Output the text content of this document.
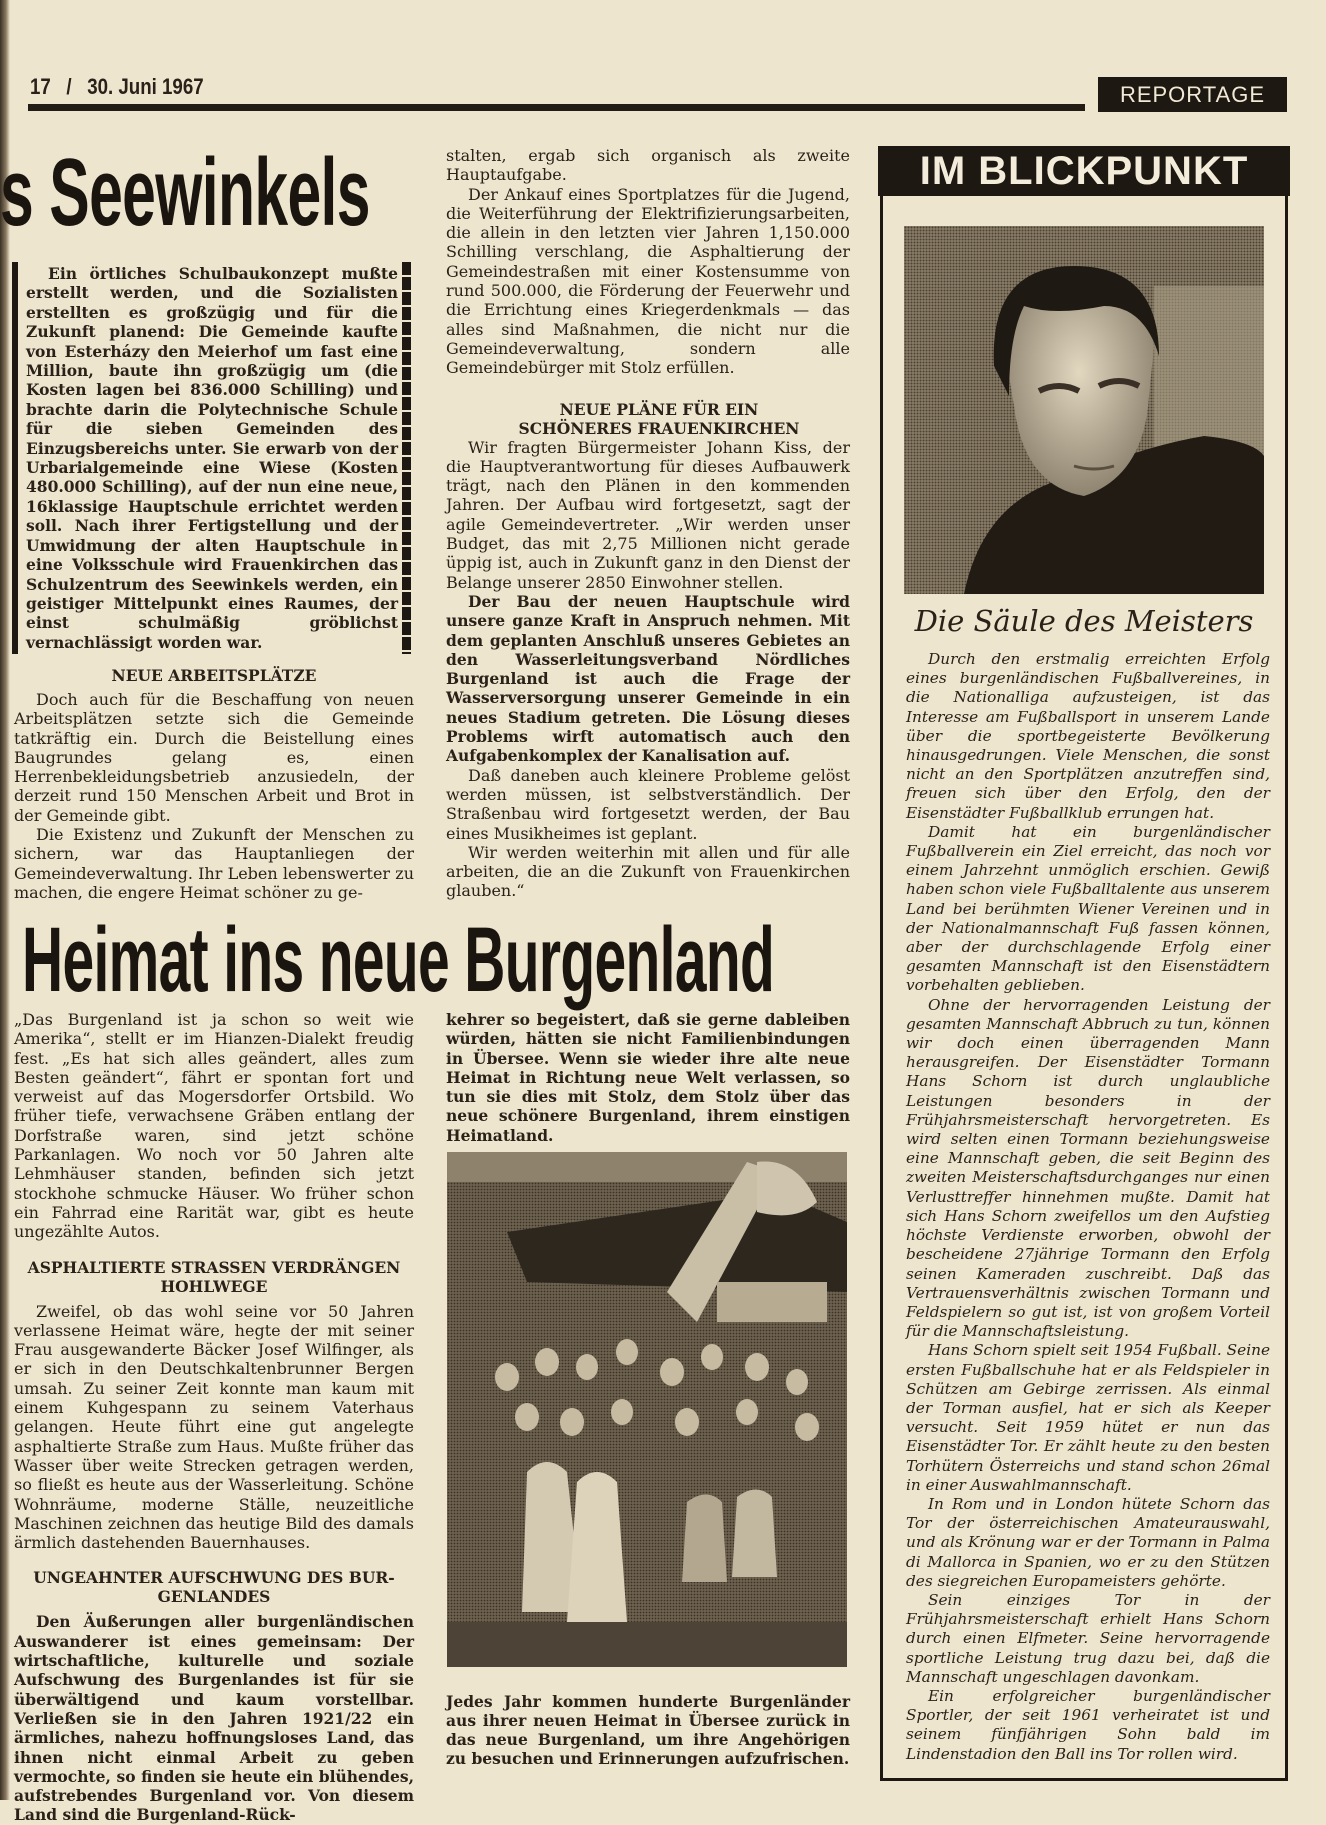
17 / 30. Juni 1967	REPORTAGE
s Seewinkels

Ein örtliches Schulbaukonzept mußte erstellt werden, und die Sozialisten erstellten es großzügig und für die Zukunft planend: Die Gemeinde kaufte von Esterházy den Meierhof um fast eine Million, baute ihn großzügig um (die Kosten lagen bei 836.000 Schilling) und brachte darin die Polytechnische Schule für die sieben Gemeinden des Einzugsbereichs unter. Sie erwarb von der Urbarialgemeinde eine Wiese (Kosten 480.000 Schilling), auf der nun eine neue, 16klassige Hauptschule errichtet werden soll. Nach ihrer Fertigstellung und der Umwidmung der alten Hauptschule in eine Volksschule wird Frauenkirchen das Schulzentrum des Seewinkels werden, ein geistiger Mittelpunkt eines Raumes, der einst schulmäßig gröblichst vernachlässigt worden war.

NEUE ARBEITSPLÄTZE

Doch auch für die Beschaffung von neuen Arbeitsplätzen setzte sich die Gemeinde tatkräftig ein. Durch die Beistellung eines Baugrundes gelang es, einen Herrenbekleidungsbetrieb anzusiedeln, der derzeit rund 150 Menschen Arbeit und Brot in der Gemeinde gibt.

Die Existenz und Zukunft der Menschen zu sichern, war das Hauptanliegen der Gemeindeverwaltung. Ihr Leben lebenswerter zu machen, die engere Heimat schöner zu ge-

stalten, ergab sich organisch als zweite Hauptaufgabe.

Der Ankauf eines Sportplatzes für die Jugend, die Weiterführung der Elektrifizierungsarbeiten, die allein in den letzten vier Jahren 1,150.000 Schilling verschlang, die Asphaltierung der Gemeindestraßen mit einer Kostensumme von rund 500.000, die Förderung der Feuerwehr und die Errichtung eines Kriegerdenkmals — das alles sind Maßnahmen, die nicht nur die Gemeindeverwaltung, sondern alle Gemeindebürger mit Stolz erfüllen.

NEUE PLÄNE FÜR EIN

SCHÖNERES FRAUENKIRCHEN

Wir fragten Bürgermeister Johann Kiss, der die Hauptverantwortung für dieses Aufbauwerk trägt, nach den Plänen in den kommenden Jahren. Der Aufbau wird fortgesetzt, sagt der agile Gemeindevertreter. „Wir werden unser Budget, das mit 2,75 Millionen nicht gerade üppig ist, auch in Zukunft ganz in den Dienst der Belange unserer 2850 Einwohner stellen.

Der Bau der neuen Hauptschule wird unsere ganze Kraft in Anspruch nehmen. Mit dem geplanten Anschluß unseres Gebietes an den Wasserleitungsverband Nördliches Burgenland ist auch die Frage der Wasserversorgung unserer Gemeinde in ein neues Stadium getreten. Die Lösung dieses Problems wirft automatisch auch den Aufgabenkomplex der Kanalisation auf.

Daß daneben auch kleinere Probleme gelöst werden müssen, ist selbstverständlich. Der Straßenbau wird fortgesetzt werden, der Bau eines Musikheimes ist geplant.

Wir werden weiterhin mit allen und für alle arbeiten, die an die Zukunft von Frauenkirchen glauben.“

Heimat ins neue Burgenland

„Das Burgenland ist ja schon so weit wie Amerika“, stellt er im Hianzen-Dialekt freudig fest. „Es hat sich alles geändert, alles zum Besten geändert“, fährt er spontan fort und verweist auf das Mogersdorfer Ortsbild. Wo früher tiefe, verwachsene Gräben entlang der Dorfstraße waren, sind jetzt schöne Parkanlagen. Wo noch vor 50 Jahren alte Lehmhäuser standen, befinden sich jetzt stockhohe schmucke Häuser. Wo früher schon ein Fahrrad eine Rarität war, gibt es heute ungezählte Autos.

ASPHALTIERTE STRASSEN VERDRÄNGEN

HOHLWEGE

Zweifel, ob das wohl seine vor 50 Jahren verlassene Heimat wäre, hegte der mit seiner Frau ausgewanderte Bäcker Josef Wilfinger, als er sich in den Deutschkaltenbrunner Bergen umsah. Zu seiner Zeit konnte man kaum mit einem Kuhgespann zu seinem Vaterhaus gelangen. Heute führt eine gut angelegte asphaltierte Straße zum Haus. Mußte früher das Wasser über weite Strecken getragen werden, so fließt es heute aus der Wasserleitung. Schöne Wohnräume, moderne Ställe, neuzeitliche Maschinen zeichnen das heutige Bild des damals ärmlich dastehenden Bauernhauses.

UNGEAHNTER AUFSCHWUNG DES BUR-

GENLANDES

Den Äußerungen aller burgenländischen Auswanderer ist eines gemeinsam: Der wirtschaftliche, kulturelle und soziale Aufschwung des Burgenlandes ist für sie überwältigend und kaum vorstellbar. Verließen sie in den Jahren 1921/22 ein ärmliches, nahezu hoffnungsloses Land, das ihnen nicht einmal Arbeit zu geben vermochte, so finden sie heute ein blühendes, aufstrebendes Burgenland vor. Von diesem Land sind die Burgenland-Rück-

kehrer so begeistert, daß sie gerne dableiben würden, hätten sie nicht Familienbindungen in Übersee. Wenn sie wieder ihre alte neue Heimat in Richtung neue Welt verlassen, so tun sie dies mit Stolz, dem Stolz über das neue schönere Burgenland, ihrem einstigen Heimatland.

Jedes Jahr kommen hunderte Burgenländer aus ihrer neuen Heimat in Übersee zurück in das neue Burgenland, um ihre Angehörigen zu besuchen und Erinnerungen aufzufrischen.
IM BLICKPUNKT
Die Säule des Meisters

Durch den erstmalig erreichten Erfolg eines burgenländischen Fußballvereines, in die Nationalliga aufzusteigen, ist das Interesse am Fußballsport in unserem Lande über die sportbegeisterte Bevölkerung hinausgedrungen. Viele Menschen, die sonst nicht an den Sportplätzen anzutreffen sind, freuen sich über den Erfolg, den der Eisenstädter Fußballklub errungen hat.

Damit hat ein burgenländischer Fußballverein ein Ziel erreicht, das noch vor einem Jahrzehnt unmöglich erschien. Gewiß haben schon viele Fußballtalente aus unserem Land bei berühmten Wiener Vereinen und in der Nationalmannschaft Fuß fassen können, aber der durchschlagende Erfolg einer gesamten Mannschaft ist den Eisenstädtern vorbehalten geblieben.

Ohne der hervorragenden Leistung der gesamten Mannschaft Abbruch zu tun, können wir doch einen überragenden Mann herausgreifen. Der Eisenstädter Tormann Hans Schorn ist durch unglaubliche Leistungen besonders in der Frühjahrsmeisterschaft hervorgetreten. Es wird selten einen Tormann beziehungsweise eine Mannschaft geben, die seit Beginn des zweiten Meisterschaftsdurchganges nur einen Verlusttreffer hinnehmen mußte. Damit hat sich Hans Schorn zweifellos um den Aufstieg höchste Verdienste erworben, obwohl der bescheidene 27jährige Tormann den Erfolg seinen Kameraden zuschreibt. Daß das Vertrauensverhältnis zwischen Tormann und Feldspielern so gut ist, ist von großem Vorteil für die Mannschaftsleistung.

Hans Schorn spielt seit 1954 Fußball. Seine ersten Fußballschuhe hat er als Feldspieler in Schützen am Gebirge zerrissen. Als einmal der Torman ausfiel, hat er sich als Keeper versucht. Seit 1959 hütet er nun das Eisenstädter Tor. Er zählt heute zu den besten Torhütern Österreichs und stand schon 26mal in einer Auswahlmannschaft.

In Rom und in London hütete Schorn das Tor der österreichischen Amateurauswahl, und als Krönung war er der Tormann in Palma di Mallorca in Spanien, wo er zu den Stützen des siegreichen Europameisters gehörte.

Sein einziges Tor in der Frühjahrsmeisterschaft erhielt Hans Schorn durch einen Elfmeter. Seine hervorragende sportliche Leistung trug dazu bei, daß die Mannschaft ungeschlagen davonkam.

Ein erfolgreicher burgenländischer Sportler, der seit 1961 verheiratet ist und seinem fünfjährigen Sohn bald im Lindenstadion den Ball ins Tor rollen wird.
